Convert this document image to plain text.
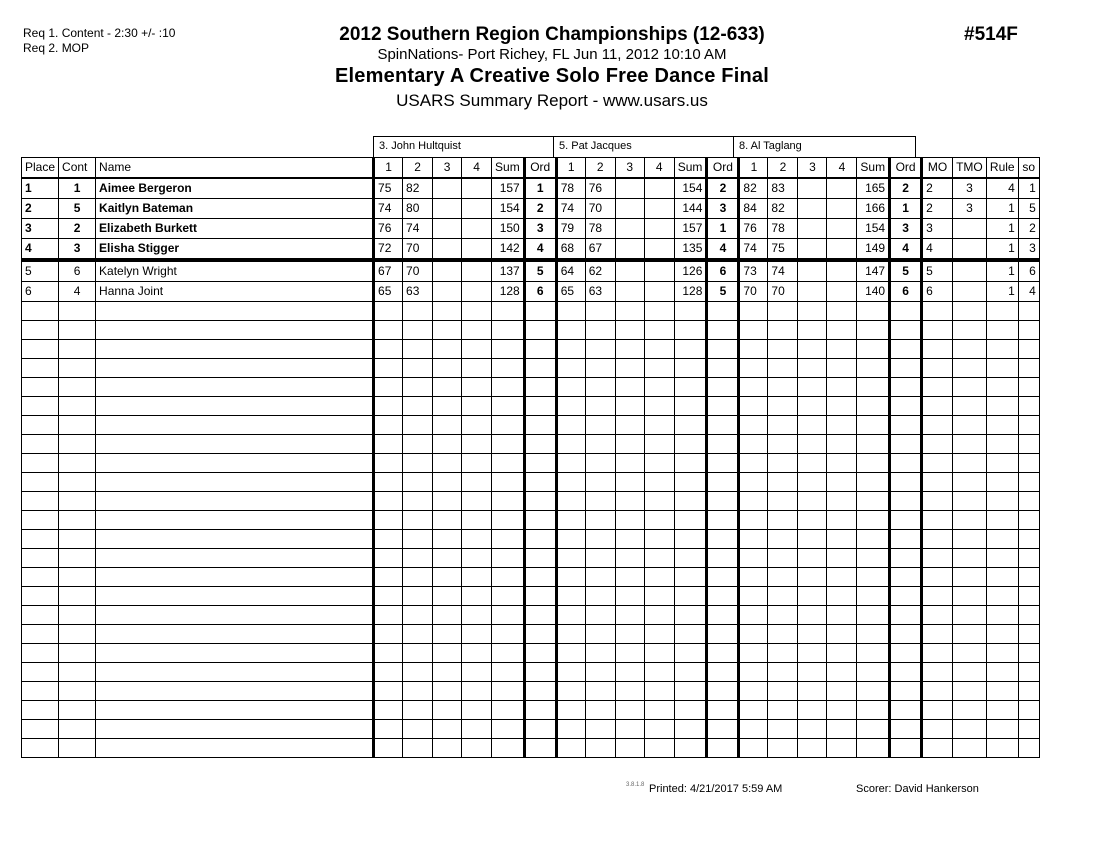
Req 1. Content - 2:30 +/- :10
Req 2. MOP
2012 Southern Region Championships (12-633)
SpinNations- Port Richey, FL Jun 11, 2012 10:10 AM
Elementary A Creative Solo Free Dance Final
USARS Summary Report - www.usars.us
#514F
3. John Hultquist	5. Pat Jacques	8. Al Taglang
Place	Cont	Name	1	2	3	4	Sum	Ord	1	2	3	4	Sum	Ord	1	2	3	4	Sum	Ord	MO	TMO	Rule	so
1	1	Aimee Bergeron	75	82			157	1	78	76			154	2	82	83			165	2	2	3	4	1
2	5	Kaitlyn Bateman	74	80			154	2	74	70			144	3	84	82			166	1	2	3	1	5
3	2	Elizabeth Burkett	76	74			150	3	79	78			157	1	76	78			154	3	3		1	2
4	3	Elisha Stigger	72	70			142	4	68	67			135	4	74	75			149	4	4		1	3
5	6	Katelyn Wright	67	70			137	5	64	62			126	6	73	74			147	5	5		1	6
6	4	Hanna Joint	65	63			128	6	65	63			128	5	70	70			140	6	6		1	4

3.8.1.8 Printed: 4/21/2017 5:59 AM	Scorer: David Hankerson
